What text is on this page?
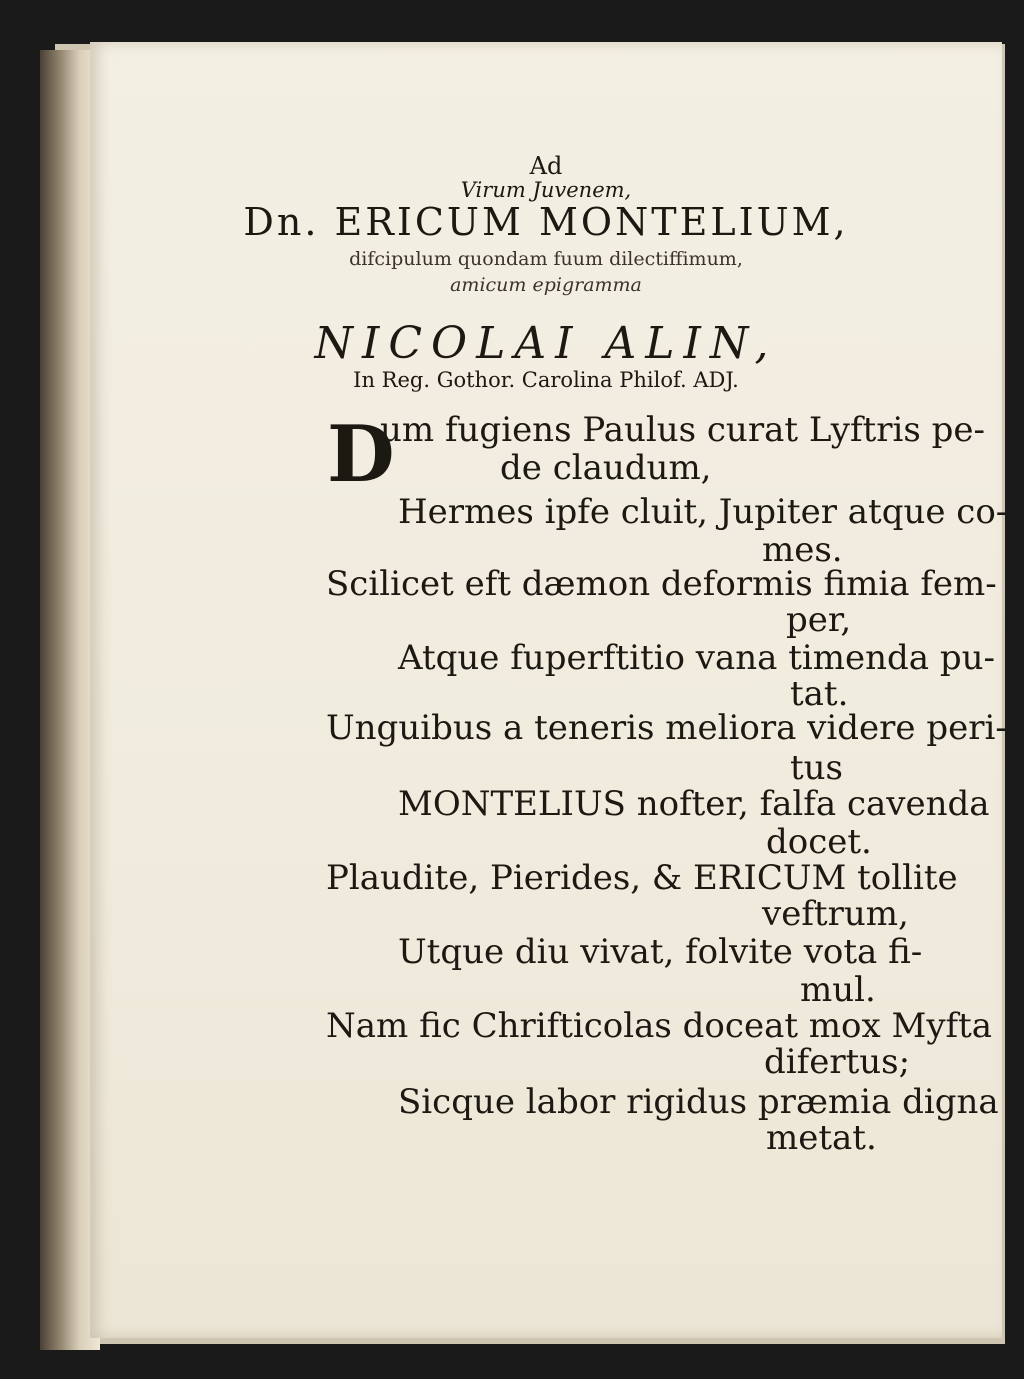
Ad
Virum Juvenem,
Dn. ERICUM MONTELIUM,
difcipulum quondam fuum dilectiffimum,
amicum epigramma
NICOLAI ALIN,
In Reg. Gothor. Carolina Philof. ADJ.
D
um fugiens Paulus curat Lyftris pe-
de claudum,
Hermes ipfe cluit, Jupiter atque co-
mes.
Scilicet eft dæmon deformis fimia fem-
per,
Atque fuperftitio vana timenda pu-
tat.
Unguibus a teneris meliora videre peri-
tus
MONTELIUS nofter, falfa cavenda
docet.
Plaudite, Pierides, & ERICUM tollite
veftrum,
Utque diu vivat, folvite vota fi-
mul.
Nam fic Chrifticolas doceat mox Myfta
difertus;
Sicque labor rigidus præmia digna
metat.
